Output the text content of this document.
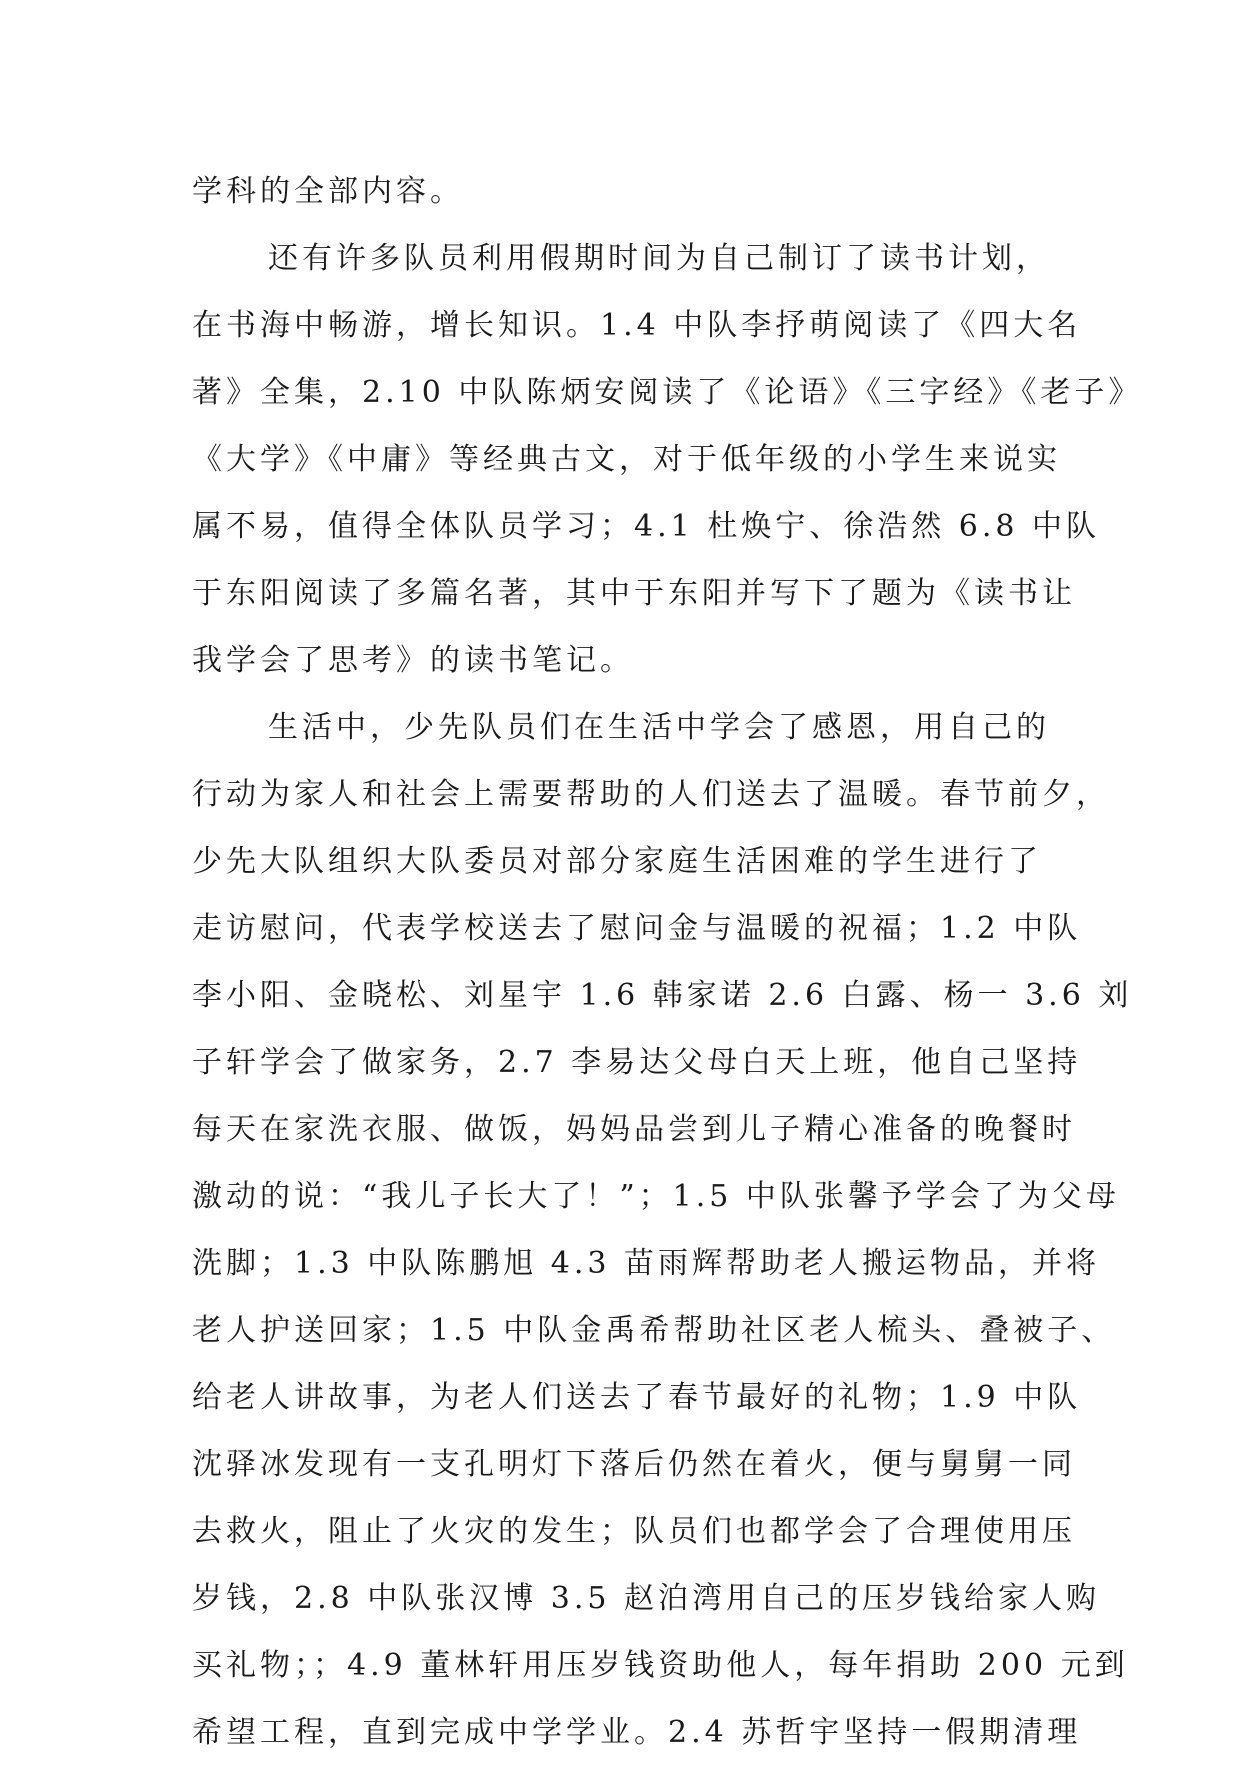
学科的全部内容。
还有许多队员利用假期时间为自己制订了读书计划，
在书海中畅游，增长知识。1.4 中队李抒萌阅读了《四大名
著》全集，2.10 中队陈炳安阅读了《论语》《三字经》《老子》
《大学》《中庸》等经典古文，对于低年级的小学生来说实
属不易，值得全体队员学习；4.1 杜焕宁、徐浩然 6.8 中队
于东阳阅读了多篇名著，其中于东阳并写下了题为《读书让
我学会了思考》的读书笔记。
生活中，少先队员们在生活中学会了感恩，用自己的
行动为家人和社会上需要帮助的人们送去了温暖。春节前夕，
少先大队组织大队委员对部分家庭生活困难的学生进行了
走访慰问，代表学校送去了慰问金与温暖的祝福；1.2 中队
李小阳、金晓松、刘星宇 1.6 韩家诺 2.6 白露、杨一 3.6 刘
子轩学会了做家务，2.7 李易达父母白天上班，他自己坚持
每天在家洗衣服、做饭，妈妈品尝到儿子精心准备的晚餐时
激动的说：“我儿子长大了！”；1.5 中队张馨予学会了为父母
洗脚；1.3 中队陈鹏旭 4.3 苗雨辉帮助老人搬运物品，并将
老人护送回家；1.5 中队金禹希帮助社区老人梳头、叠被子、
给老人讲故事，为老人们送去了春节最好的礼物；1.9 中队
沈驿冰发现有一支孔明灯下落后仍然在着火，便与舅舅一同
去救火，阻止了火灾的发生；队员们也都学会了合理使用压
岁钱，2.8 中队张汉博 3.5 赵泊湾用自己的压岁钱给家人购
买礼物；；4.9 董林轩用压岁钱资助他人，每年捐助 200 元到
希望工程，直到完成中学学业。2.4 苏哲宇坚持一假期清理
